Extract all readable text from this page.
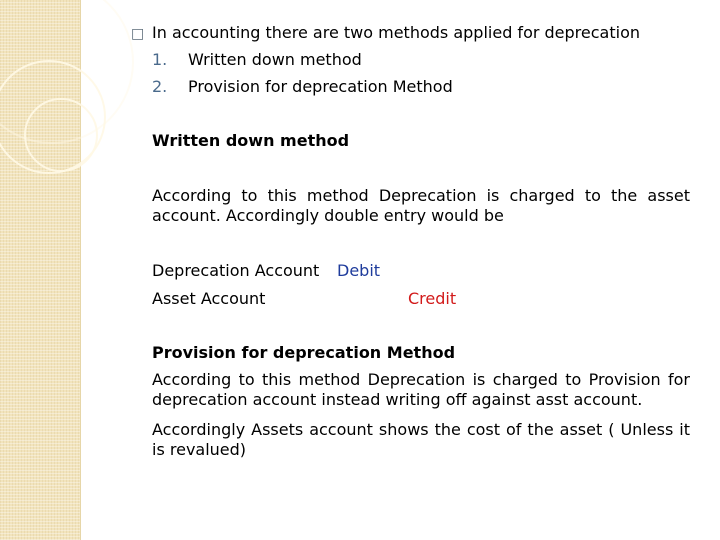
□ In accounting there are two methods applied for deprecation
1. Written down method
2. Provision for deprecation Method
Written down method
According to this method Deprecation is charged to the asset account. Accordingly double entry would be
Deprecation Account Debit
Asset Account	Credit
Provision for deprecation Method
According to this method Deprecation is charged to Provision for deprecation account instead writing off against asst account.
Accordingly Assets account shows the cost of the asset ( Unless it is revalued)
